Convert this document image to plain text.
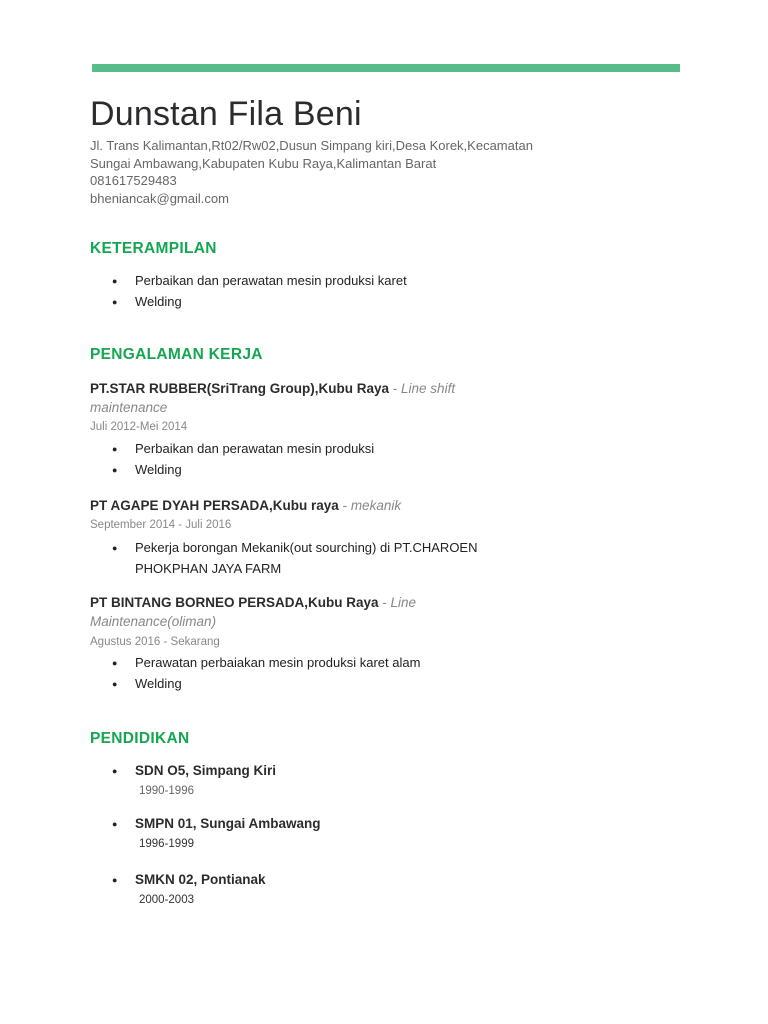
Dunstan Fila Beni
Jl. Trans Kalimantan,Rt02/Rw02,Dusun Simpang kiri,Desa Korek,Kecamatan
Sungai Ambawang,Kabupaten Kubu Raya,Kalimantan Barat
081617529483
bheniancak@gmail.com
KETERAMPILAN
● Perbaikan dan perawatan mesin produksi karet
● Welding
PENGALAMAN KERJA
PT.STAR RUBBER(SriTrang Group),Kubu Raya - Line shift maintenance
Juli 2012-Mei 2014
● Perbaikan dan perawatan mesin produksi
● Welding
PT AGAPE DYAH PERSADA,Kubu raya - mekanik
September 2014 - Juli 2016
● Pekerja borongan Mekanik(out sourching) di PT.CHAROEN PHOKPHAN JAYA FARM
PT BINTANG BORNEO PERSADA,Kubu Raya - Line Maintenance(oliman)
Agustus 2016 - Sekarang
● Perawatan perbaiakan mesin produksi karet alam
● Welding
PENDIDIKAN
● SDN O5, Simpang Kiri
1990-1996
● SMPN 01, Sungai Ambawang
1996-1999
● SMKN 02, Pontianak
2000-2003
